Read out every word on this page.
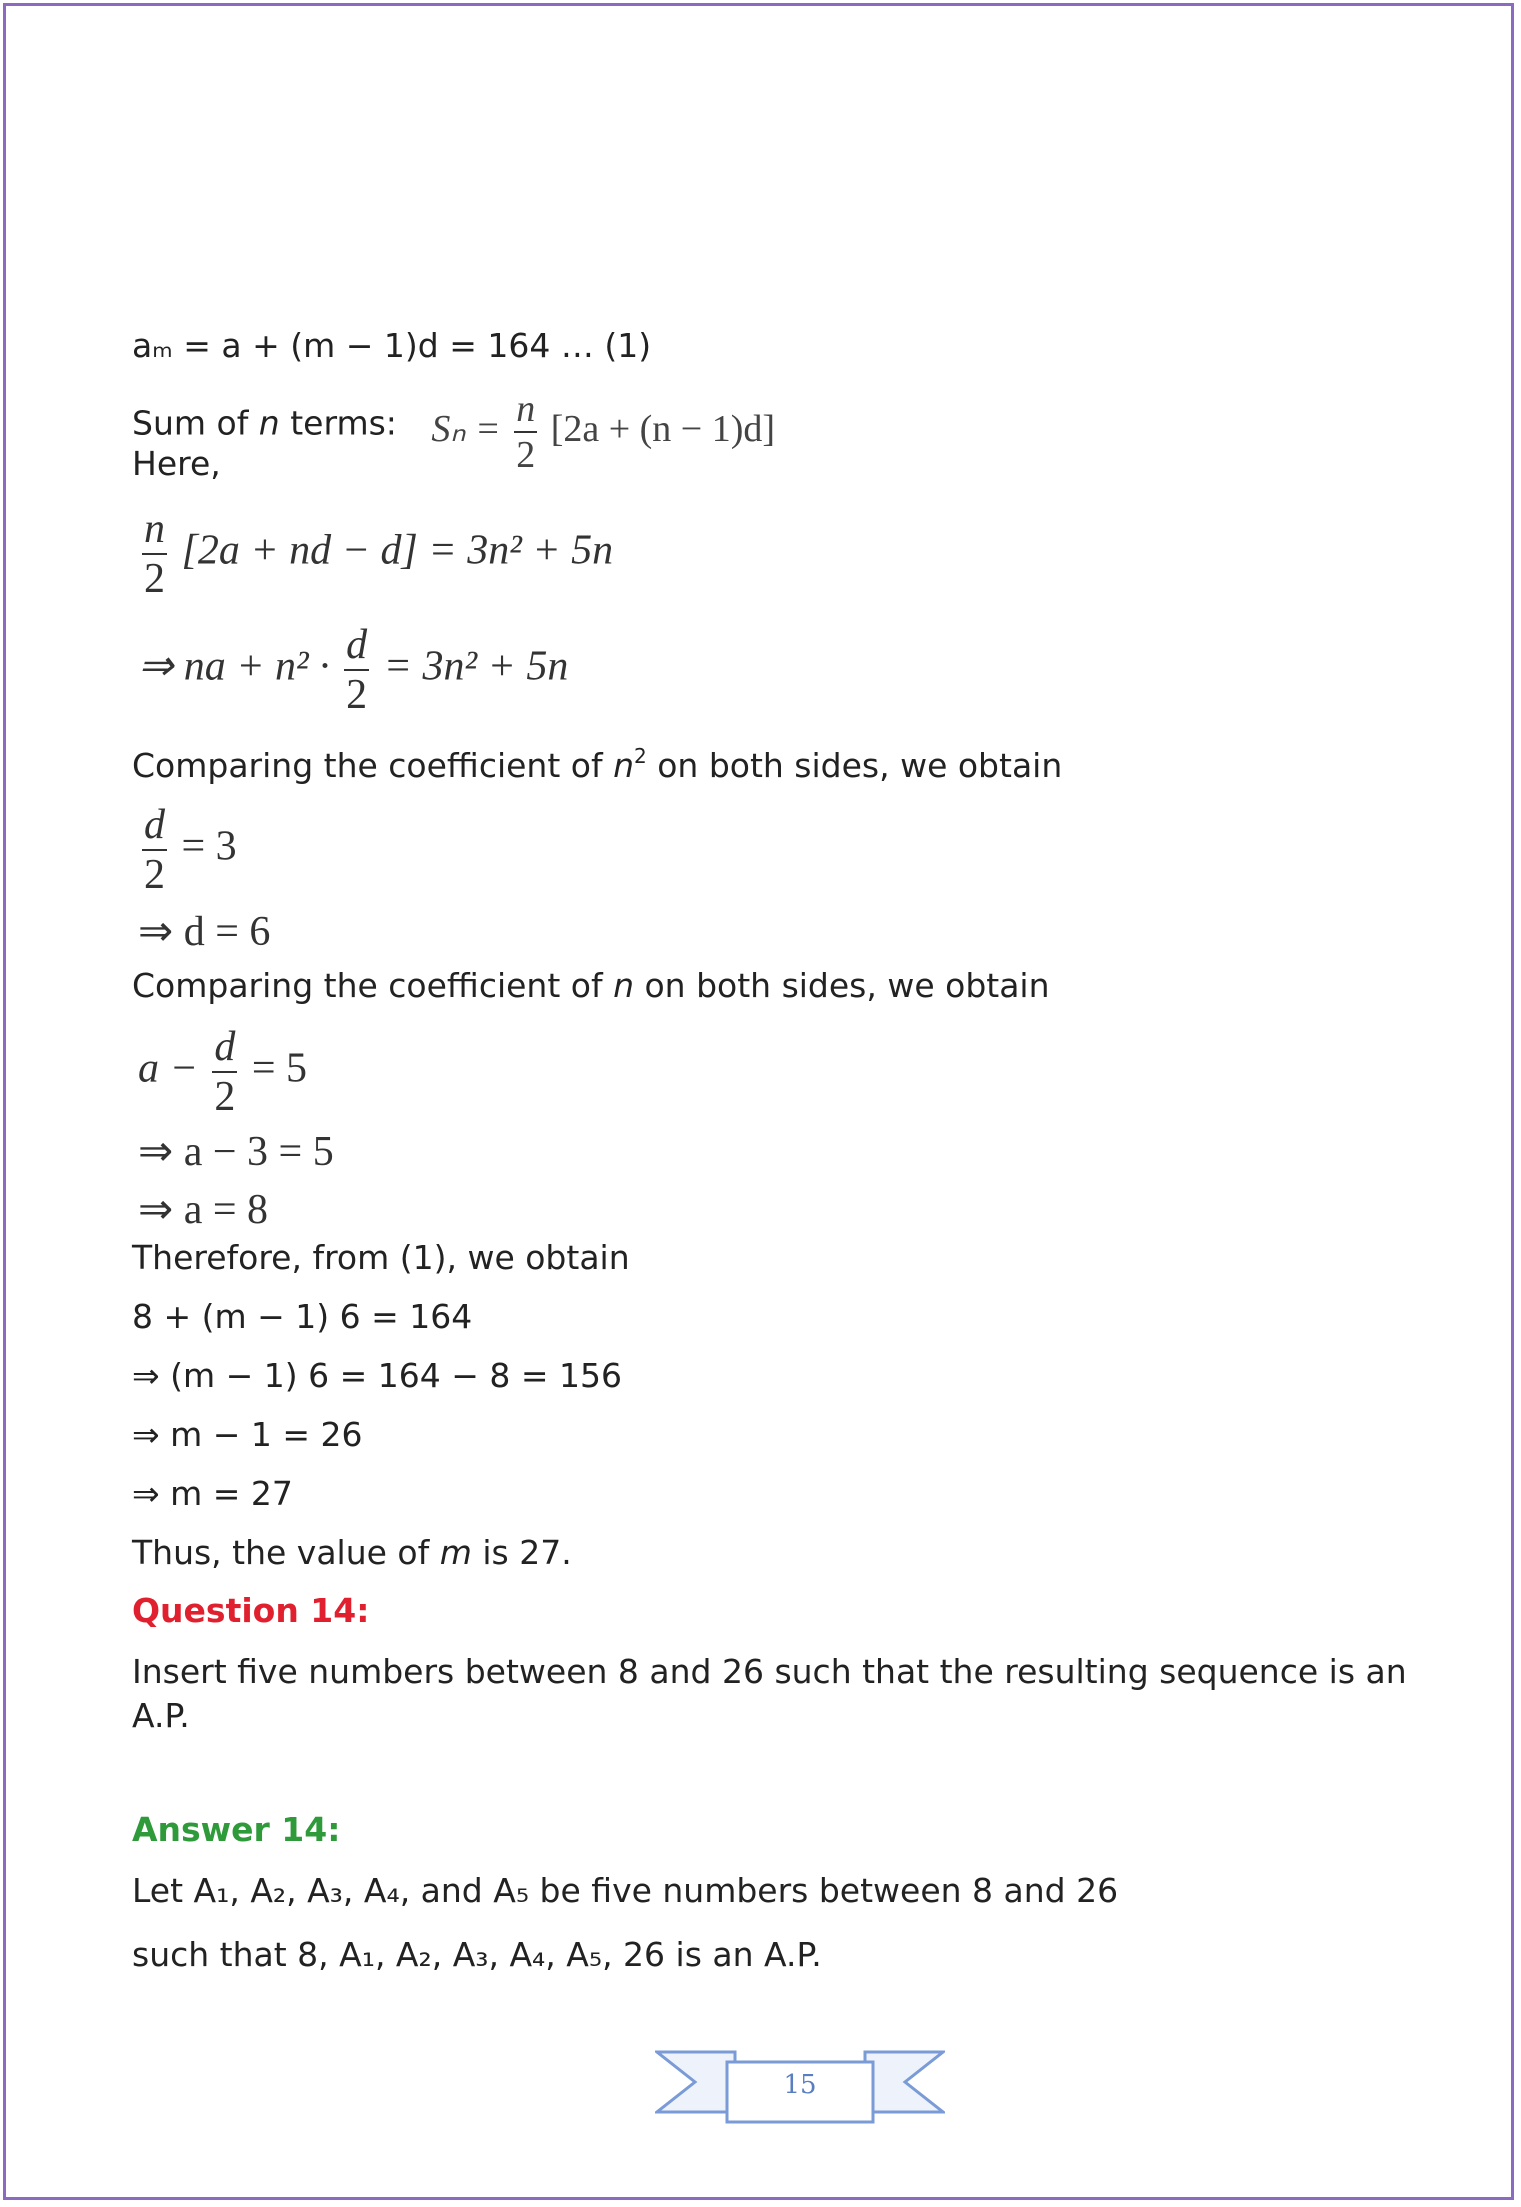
aₘ = a + (m − 1)d = 164 … (1)
Sum of n terms: $S_n = \frac{n}{2} [2a + (n - 1)d]$
Here,
$\frac{n}{2} [2a$ + nd − d] = 3n² + 5n
⇒ na + $n^2 \cdot \frac{d}{2} = 3n^2 + 5n$
Comparing the coefficient of $n^2$ on both sides, we obtain
$\frac{d}{2} = 3$
⇒ d = 6
Comparing the coefficient of n on both sides, we obtain
$a - \frac{d}{2} = 5$
⇒ a − 3 = 5
⇒ a = 8
Therefore, from (1), we obtain
8 + (m − 1) 6 = 164
⇒ (m − 1) 6 = 164 − 8 = 156
⇒ m − 1 = 26
⇒ m = 27
Thus, the value of m is 27.
Question 14:
Insert five numbers between 8 and 26 such that the resulting sequence is an A.P.
Answer 14:
Let A₁, A₂, A₃, A₄, and A₅ be five numbers between 8 and 26
such that 8, A₁, A₂, A₃, A₄, A₅, 26 is an A.P.
15
